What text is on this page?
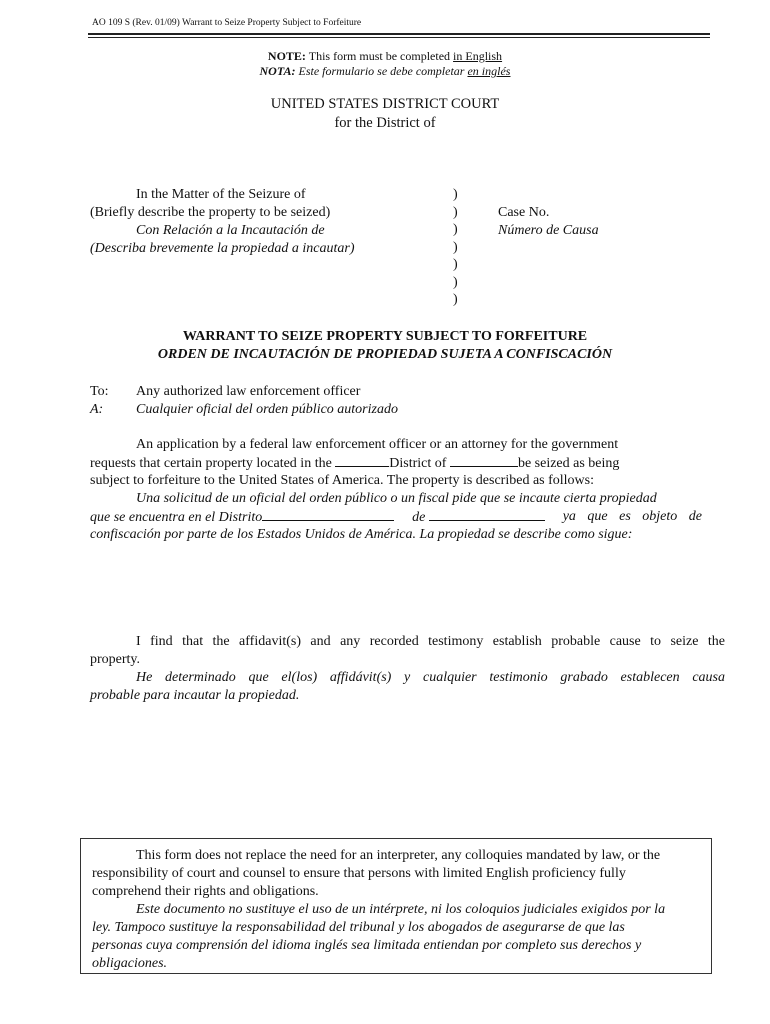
AO 109 S (Rev. 01/09) Warrant to Seize Property Subject to Forfeiture
NOTE: This form must be completed in English
NOTA: Este formulario se debe completar en inglés
UNITED STATES DISTRICT COURT
for the District of
In the Matter of the Seizure of
(Briefly describe the property to be seized)
Con Relación a la Incautación de
(Describa brevemente la propiedad a incautar)
)
)
)
)
)
)
)
Case No.
Número de Causa
WARRANT TO SEIZE PROPERTY SUBJECT TO FORFEITURE
ORDEN DE INCAUTACIÓN DE PROPIEDAD SUJETA A CONFISCACIÓN
To: Any authorized law enforcement officer
A: Cualquier oficial del orden público autorizado
An application by a federal law enforcement officer or an attorney for the government
requests that certain property located in the	District of	be seized as being
subject to forfeiture to the United States of America. The property is described as follows:
Una solicitud de un oficial del orden público o un fiscal pide que se incaute cierta propiedad
que se encuentra en el Distrito	de	ya que es objeto de
confiscación por parte de los Estados Unidos de América. La propiedad se describe como sigue:
I find that the affidavit(s) and any recorded testimony establish probable cause to seize the
property.
He determinado que el(los) affidávit(s) y cualquier testimonio grabado establecen causa
probable para incautar la propiedad.
This form does not replace the need for an interpreter, any colloquies mandated by law, or the
responsibility of court and counsel to ensure that persons with limited English proficiency fully
comprehend their rights and obligations.
Este documento no sustituye el uso de un intérprete, ni los coloquios judiciales exigidos por la
ley. Tampoco sustituye la responsabilidad del tribunal y los abogados de asegurarse de que las
personas cuya comprensión del idioma inglés sea limitada entiendan por completo sus derechos y
obligaciones.
